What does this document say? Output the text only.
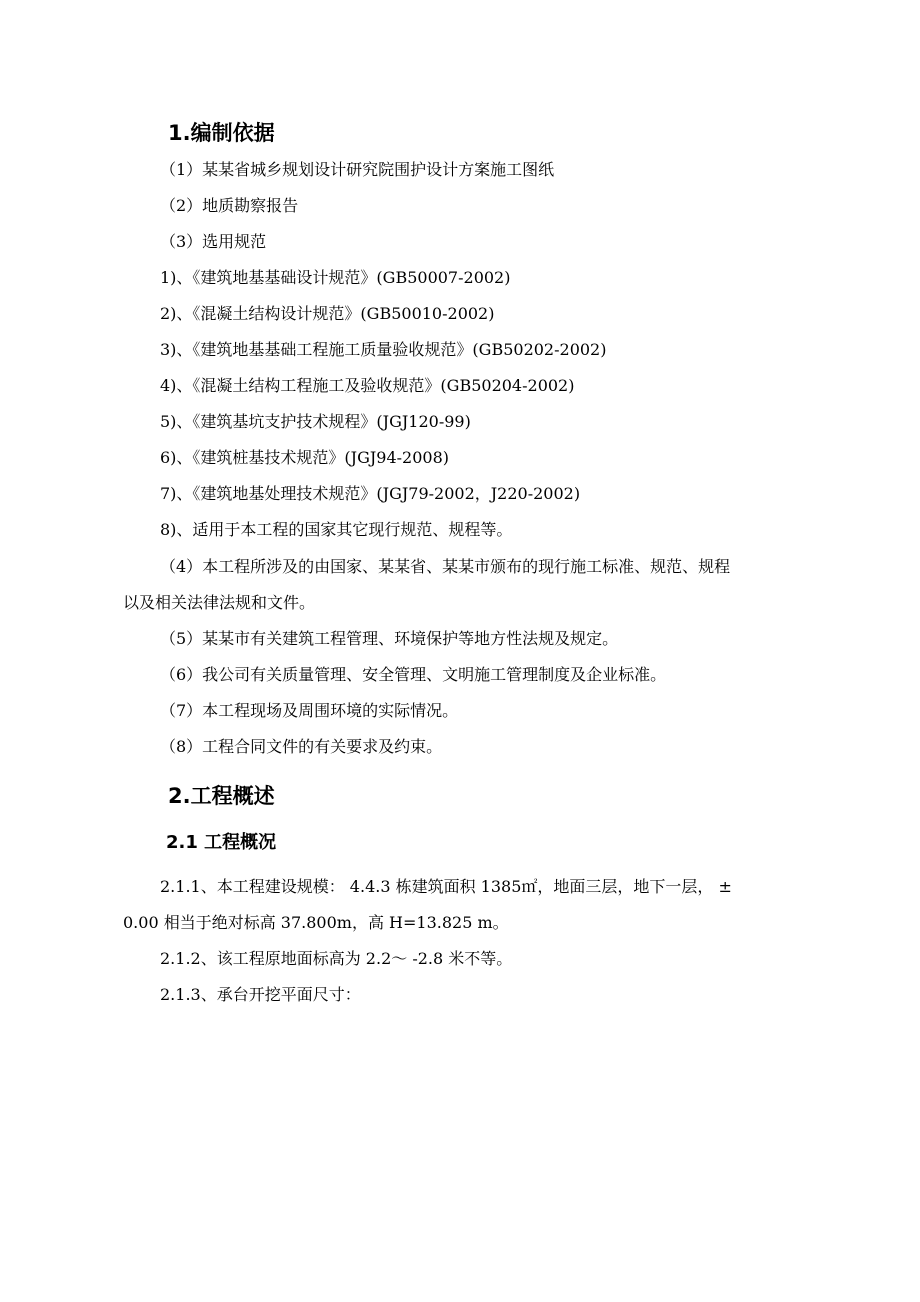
1.编制依据
（1）某某省城乡规划设计研究院围护设计方案施工图纸
（2）地质勘察报告
（3）选用规范
1)、《建筑地基基础设计规范》(GB50007-2002)
2)、《混凝土结构设计规范》(GB50010-2002)
3)、《建筑地基基础工程施工质量验收规范》(GB50202-2002)
4)、《混凝土结构工程施工及验收规范》(GB50204-2002)
5)、《建筑基坑支护技术规程》(JGJ120-99)
6)、《建筑桩基技术规范》(JGJ94-2008)
7)、《建筑地基处理技术规范》(JGJ79-2002，J220-2002)
8)、适用于本工程的国家其它现行规范、规程等。
（4）本工程所涉及的由国家、某某省、某某市颁布的现行施工标准、规范、规程
以及相关法律法规和文件。
（5）某某市有关建筑工程管理、环境保护等地方性法规及规定。
（6）我公司有关质量管理、安全管理、文明施工管理制度及企业标准。
（7）本工程现场及周围环境的实际情况。
（8）工程合同文件的有关要求及约束。
2.工程概述
2.1 工程概况
2.1.1、本工程建设规模： 4.4.3 栋建筑面积 1385㎡，地面三层，地下一层， ±
0.00 相当于绝对标高 37.800m，高 H=13.825 m。
2.1.2、该工程原地面标高为 2.2～ -2.8 米不等。
2.1.3、承台开挖平面尺寸：
